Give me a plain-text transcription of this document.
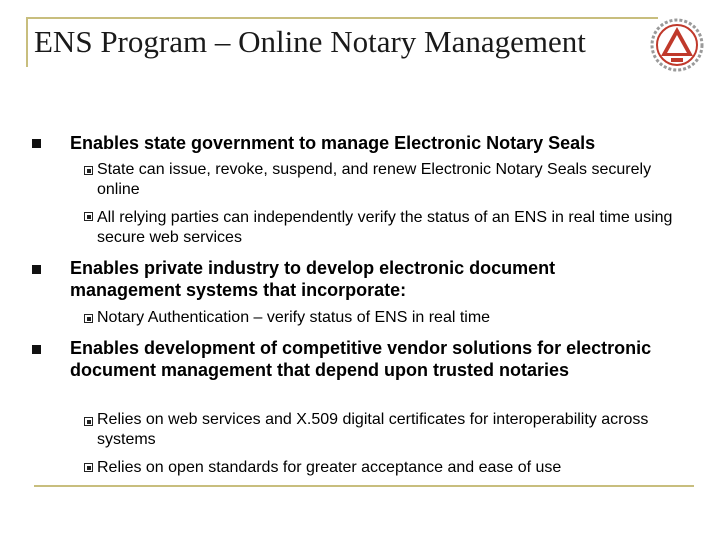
ENS Program – Online Notary Management
Enables state government to manage Electronic Notary Seals
State can issue, revoke, suspend, and renew Electronic Notary Seals securely online
All relying parties can independently verify the status of an ENS in real time using secure web services
Enables private industry to develop electronic document management systems that incorporate:
Notary Authentication – verify status of ENS in real time
Enables development of competitive vendor solutions for electronic document management that depend upon trusted notaries
Relies on web services and X.509 digital certificates for interoperability across systems
Relies on open standards for greater acceptance and ease of use
